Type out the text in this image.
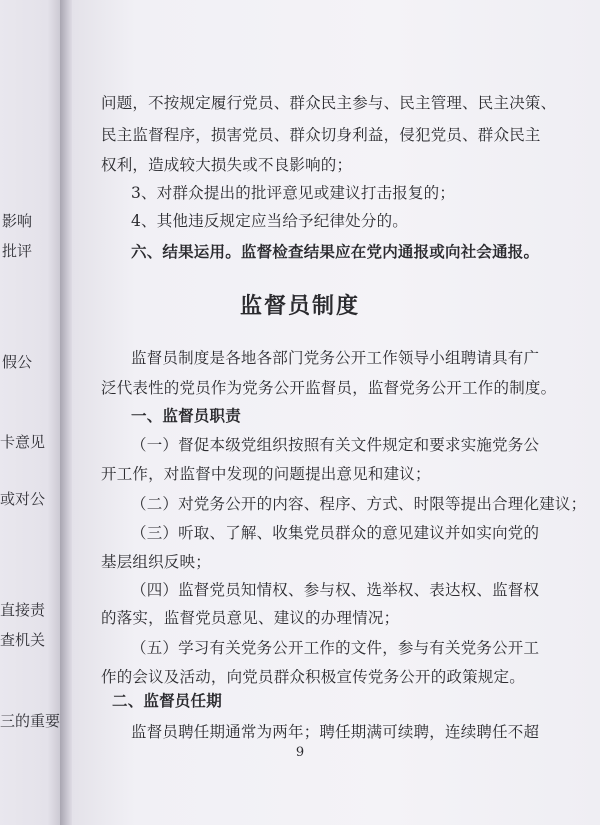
影响
批评
假公
卡意见
或对公
直接责
查机关
三的重要
问题，不按规定履行党员、群众民主参与、民主管理、民主决策、
民主监督程序，损害党员、群众切身利益，侵犯党员、群众民主
权利，造成较大损失或不良影响的；
3、对群众提出的批评意见或建议打击报复的；
4、其他违反规定应当给予纪律处分的。
六、结果运用。监督检查结果应在党内通报或向社会通报。
监督员制度
监督员制度是各地各部门党务公开工作领导小组聘请具有广
泛代表性的党员作为党务公开监督员，监督党务公开工作的制度。
一、监督员职责
（一）督促本级党组织按照有关文件规定和要求实施党务公
开工作，对监督中发现的问题提出意见和建议；
（二）对党务公开的内容、程序、方式、时限等提出合理化建议；
（三）听取、了解、收集党员群众的意见建议并如实向党的
基层组织反映；
（四）监督党员知情权、参与权、选举权、表达权、监督权
的落实，监督党员意见、建议的办理情况；
（五）学习有关党务公开工作的文件，参与有关党务公开工
作的会议及活动，向党员群众积极宣传党务公开的政策规定。
二、监督员任期
监督员聘任期通常为两年；聘任期满可续聘，连续聘任不超
9
